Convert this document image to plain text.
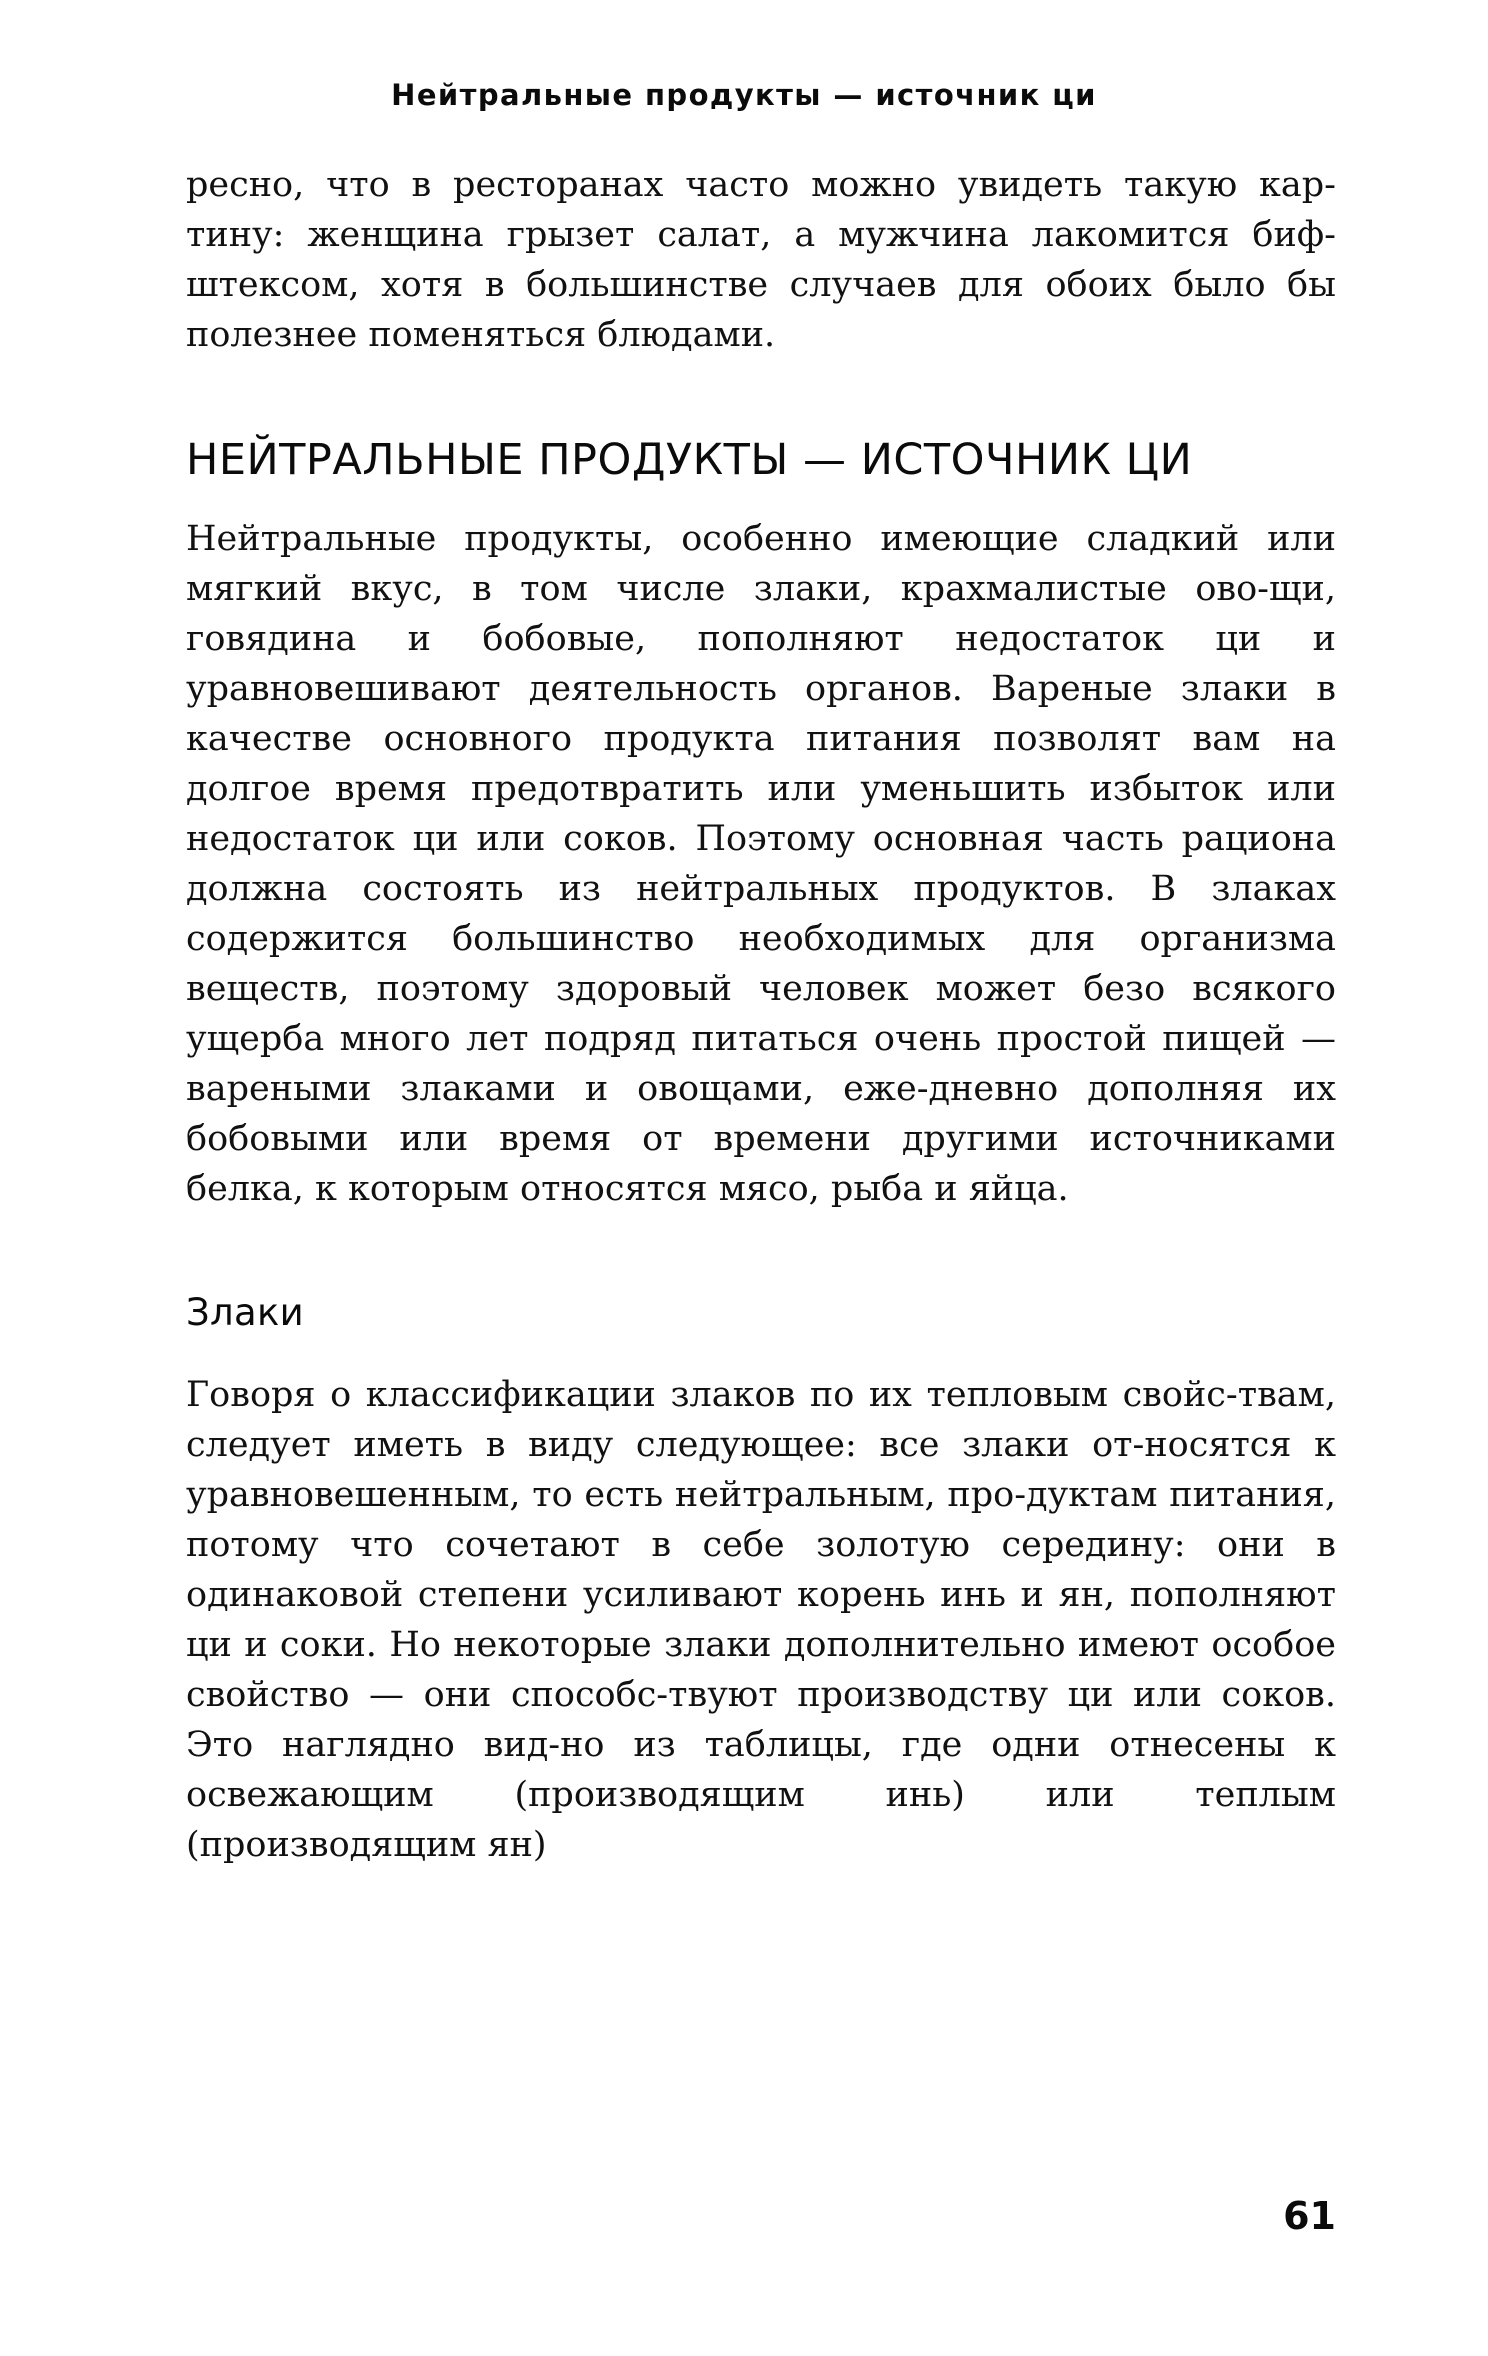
Нейтральные продукты — источник ци

ресно, что в ресторанах часто можно увидеть такую кар-тину: женщина грызет салат, а мужчина лакомится биф-штексом, хотя в большинстве случаев для обоих было бы полезнее поменяться блюдами.

НЕЙТРАЛЬНЫЕ ПРОДУКТЫ — ИСТОЧНИК ЦИ

Нейтральные продукты, особенно имеющие сладкий или мягкий вкус, в том числе злаки, крахмалистые ово-щи, говядина и бобовые, пополняют недостаток ци и уравновешивают деятельность органов. Вареные злаки в качестве основного продукта питания позволят вам на долгое время предотвратить или уменьшить избыток или недостаток ци или соков. Поэтому основная часть рациона должна состоять из нейтральных продуктов. В злаках содержится большинство необходимых для организма веществ, поэтому здоровый человек может безо всякого ущерба много лет подряд питаться очень простой пищей — вареными злаками и овощами, еже-дневно дополняя их бобовыми или время от времени другими источниками белка, к которым относятся мясо, рыба и яйца.

Злаки

Говоря о классификации злаков по их тепловым свойс-твам, следует иметь в виду следующее: все злаки от-носятся к уравновешенным, то есть нейтральным, про-дуктам питания, потому что сочетают в себе золотую середину: они в одинаковой степени усиливают корень инь и ян, пополняют ци и соки. Но некоторые злаки дополнительно имеют особое свойство — они способс-твуют производству ци или соков. Это наглядно вид-но из таблицы, где одни отнесены к освежающим (производящим инь) или теплым (производящим ян)

61
